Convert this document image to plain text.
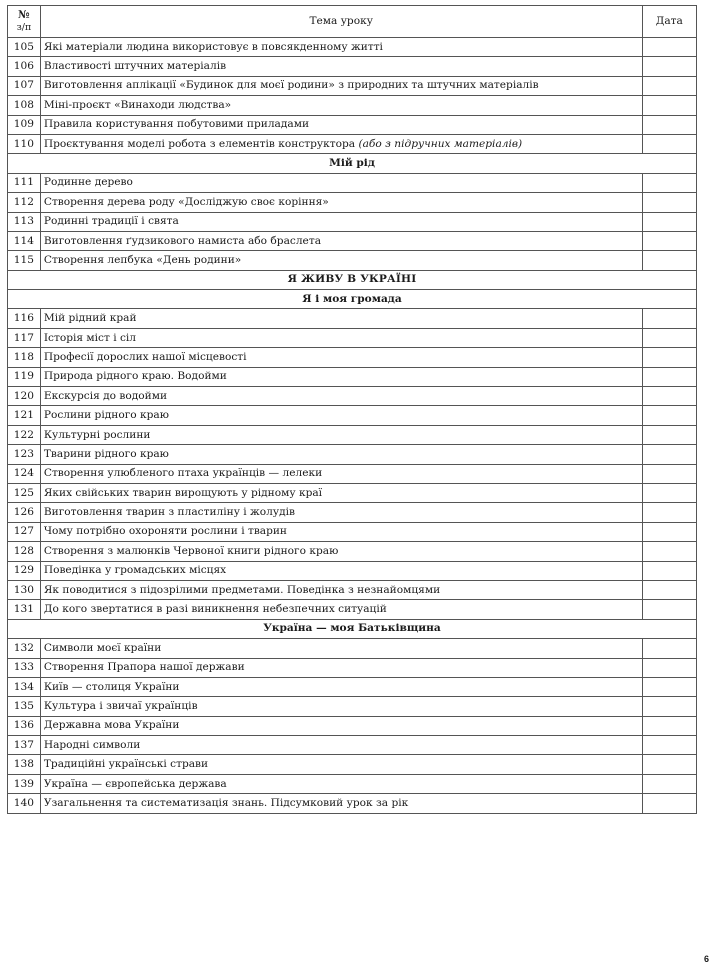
№
з/п	Тема уроку	Дата
105	Які матеріали людина використовує в повсякденному житті	
106	Властивості штучних матеріалів	
107	Виготовлення аплікації «Будинок для моєї родини» з природних та штучних матеріалів	
108	Міні-проєкт «Винаходи людства»	
109	Правила користування побутовими приладами	
110	Проєктування моделі робота з елементів конструктора (або з підручних матеріалів)	
Мій рід		
111	Родинне дерево	
112	Створення дерева роду «Досліджую своє коріння»	
113	Родинні традиції і свята	
114	Виготовлення ґудзикового намиста або браслета	
115	Створення лепбука «День родини»	
Я ЖИВУ В УКРАЇНІ		
Я і моя громада		
116	Мій рідний край	
117	Історія міст і сіл	
118	Професії дорослих нашої місцевості	
119	Природа рідного краю. Водойми	
120	Екскурсія до водойми	
121	Рослини рідного краю	
122	Культурні рослини	
123	Тварини рідного краю	
124	Створення улюбленого птаха українців — лелеки	
125	Яких свійських тварин вирощують у рідному краї	
126	Виготовлення тварин з пластиліну і жолудів	
127	Чому потрібно охороняти рослини і тварин	
128	Створення з малюнків Червоної книги рідного краю	
129	Поведінка у громадських місцях	
130	Як поводитися з підозрілими предметами. Поведінка з незнайомцями	
131	До кого звертатися в разі виникнення небезпечних ситуацій	
Україна — моя Батьківщина		
132	Символи моєї країни	
133	Створення Прапора нашої держави	
134	Київ — столиця України	
135	Культура і звичаї українців	
136	Державна мова України	
137	Народні символи	
138	Традиційні українські страви	
139	Україна — європейська держава	
140	Узагальнення та систематизація знань. Підсумковий урок за рік	
6
